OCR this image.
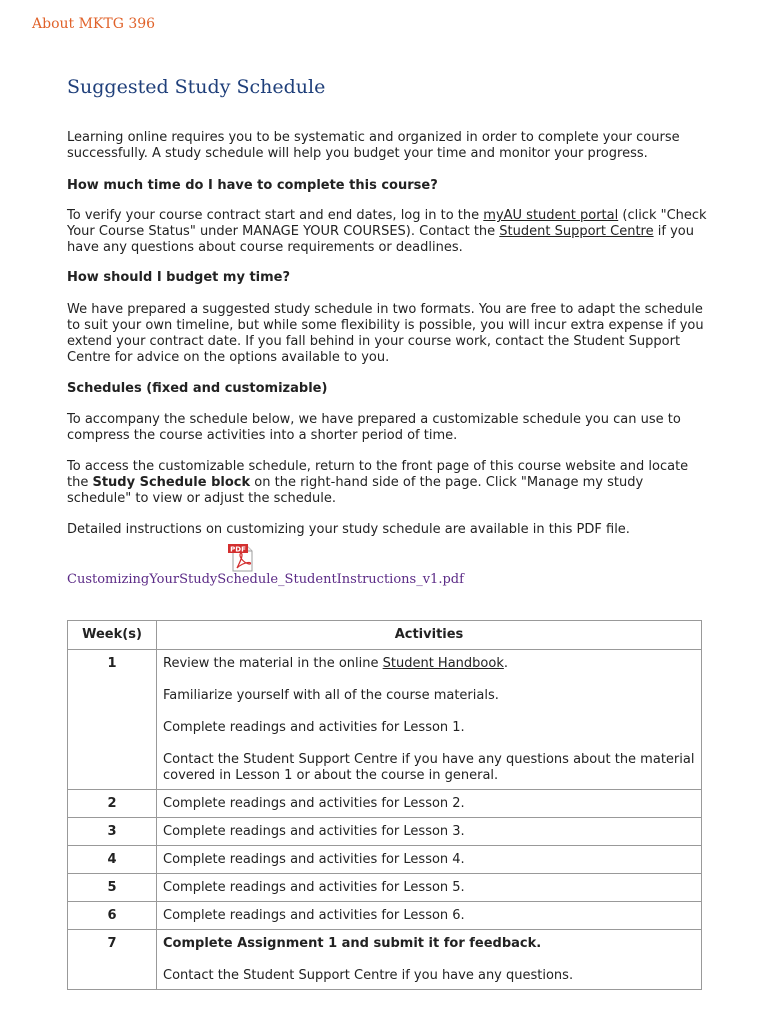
About MKTG 396
Suggested Study Schedule

Learning online requires you to be systematic and organized in order to complete your course successfully. A study schedule will help you budget your time and monitor your progress.

How much time do I have to complete this course?

To verify your course contract start and end dates, log in to the myAU student portal (click "Check Your Course Status" under MANAGE YOUR COURSES). Contact the Student Support Centre if you have any questions about course requirements or deadlines.

How should I budget my time?

We have prepared a suggested study schedule in two formats. You are free to adapt the schedule to suit your own timeline, but while some flexibility is possible, you will incur extra expense if you extend your contract date. If you fall behind in your course work, contact the Student Support Centre for advice on the options available to you.

Schedules (fixed and customizable)

To accompany the schedule below, we have prepared a customizable schedule you can use to compress the course activities into a shorter period of time.

To access the customizable schedule, return to the front page of this course website and locate the Study Schedule block on the right-hand side of the page. Click "Manage my study schedule" to view or adjust the schedule.

Detailed instructions on customizing your study schedule are available in this PDF file.

PDF
CustomizingYourStudySchedule_StudentInstructions_v1.pdf
Week(s)	Activities

1	Review the material in the online Student Handbook.

Familiarize yourself with all of the course materials.

Complete readings and activities for Lesson 1.

Contact the Student Support Centre if you have any questions about the material covered in Lesson 1 or about the course in general.

2	Complete readings and activities for Lesson 2.

3	Complete readings and activities for Lesson 3.

4	Complete readings and activities for Lesson 4.

5	Complete readings and activities for Lesson 5.

6	Complete readings and activities for Lesson 6.

7	Complete Assignment 1 and submit it for feedback.

Contact the Student Support Centre if you have any questions.
